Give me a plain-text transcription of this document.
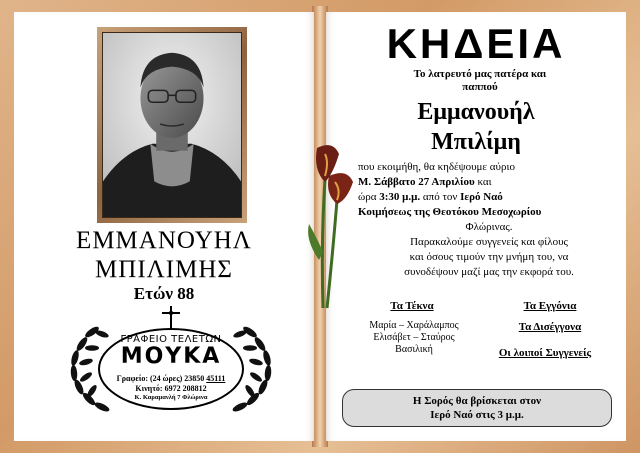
ΕΜΜΑΝΟΥΗΛ
ΜΠΙΛΙΜΗΣ
Ετών 88
ΓΡΑΦΕΙΟ ΤΕΛΕΤΩΝ
ΜΟΥΚΑ
Γραφείο: (24 ώρες) 23850 45111
Κινητό: 6972 208812
Κ. Καραμανλή 7 Φλώρινα
ΚΗΔΕΙΑ
Το λατρευτό μας πατέρα και
παππού
Εμμανουήλ
Μπιλίμη

που εκοιμήθη, θα κηδέψουμε αύριο

Μ. Σάββατο 27 Απριλίου και

ώρα 3:30 μ.μ. από τον Ιερό Ναό

Κοιμήσεως της Θεοτόκου Μεσοχωρίου

Φλώρινας.

Παρακαλούμε συγγενείς και φίλους

και όσους τιμούν την μνήμη του, να

συνοδέψουν μαζί μας την εκφορά του.

Τα Τέκνα
Μαρία – Χαράλαμπος
Ελισάβετ – Σταύρος
Βασιλική
Τα Εγγόνια
Τα Δισέγγονα
Οι λοιποί Συγγενείς
Η Σορός θα βρίσκεται στον
Ιερό Ναό στις 3 μ.μ.
